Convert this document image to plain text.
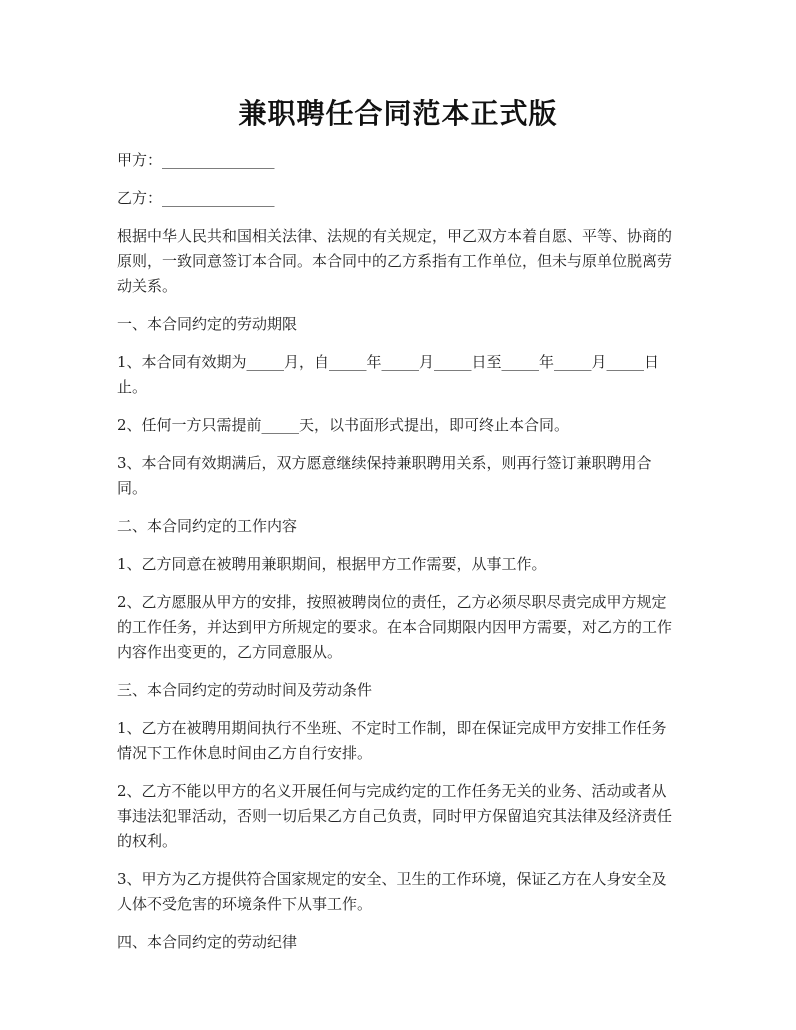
兼职聘任合同范本正式版

甲方：_______________

乙方：_______________

根据中华人民共和国相关法律、法规的有关规定，甲乙双方本着自愿、平等、协商的原则，一致同意签订本合同。本合同中的乙方系指有工作单位，但未与原单位脱离劳动关系。

一、本合同约定的劳动期限

1、本合同有效期为_____月，自_____年_____月_____日至_____年_____月_____日止。

2、任何一方只需提前_____天，以书面形式提出，即可终止本合同。

3、本合同有效期满后，双方愿意继续保持兼职聘用关系，则再行签订兼职聘用合同。

二、本合同约定的工作内容

1、乙方同意在被聘用兼职期间，根据甲方工作需要，从事工作。

2、乙方愿服从甲方的安排，按照被聘岗位的责任，乙方必须尽职尽责完成甲方规定的工作任务，并达到甲方所规定的要求。在本合同期限内因甲方需要，对乙方的工作内容作出变更的，乙方同意服从。

三、本合同约定的劳动时间及劳动条件

1、乙方在被聘用期间执行不坐班、不定时工作制，即在保证完成甲方安排工作任务情况下工作休息时间由乙方自行安排。

2、乙方不能以甲方的名义开展任何与完成约定的工作任务无关的业务、活动或者从事违法犯罪活动，否则一切后果乙方自己负责，同时甲方保留追究其法律及经济责任的权利。

3、甲方为乙方提供符合国家规定的安全、卫生的工作环境，保证乙方在人身安全及人体不受危害的环境条件下从事工作。

四、本合同约定的劳动纪律
